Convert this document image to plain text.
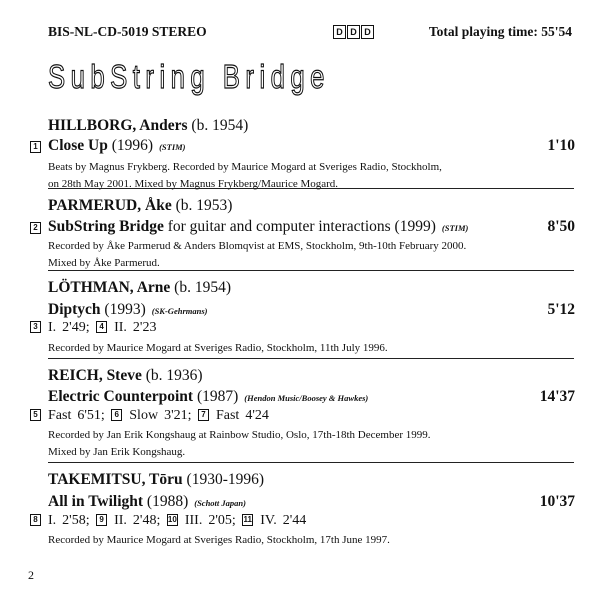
BIS-NL-CD-5019 STEREO	D D D	Total playing time: 55'54
SubString Bridge
HILLBORG, Anders (b. 1954)
1 Close Up (1996) (STIM)	1'10
Beats by Magnus Frykberg. Recorded by Maurice Mogard at Sveriges Radio, Stockholm,
on 28th May 2001. Mixed by Magnus Frykberg/Maurice Mogard.
PARMERUD, Åke (b. 1953)
2 SubString Bridge for guitar and computer interactions (1999) (STIM)	8'50
Recorded by Åke Parmerud & Anders Blomqvist at EMS, Stockholm, 9th-10th February 2000.
Mixed by Åke Parmerud.
LÖTHMAN, Arne (b. 1954)
Diptych (1993) (SK-Gehrmans)	5'12
3 I. 2'49; 4 II. 2'23
Recorded by Maurice Mogard at Sveriges Radio, Stockholm, 11th July 1996.
REICH, Steve (b. 1936)
Electric Counterpoint (1987) (Hendon Music/Boosey & Hawkes)	14'37
5 Fast 6'51; 6 Slow 3'21; 7 Fast 4'24
Recorded by Jan Erik Kongshaug at Rainbow Studio, Oslo, 17th-18th December 1999.
Mixed by Jan Erik Kongshaug.
TAKEMITSU, Tōru (1930-1996)
All in Twilight (1988) (Schott Japan)	10'37
8 I. 2'58; 9 II. 2'48; 10 III. 2'05; 11 IV. 2'44
Recorded by Maurice Mogard at Sveriges Radio, Stockholm, 17th June 1997.
2
